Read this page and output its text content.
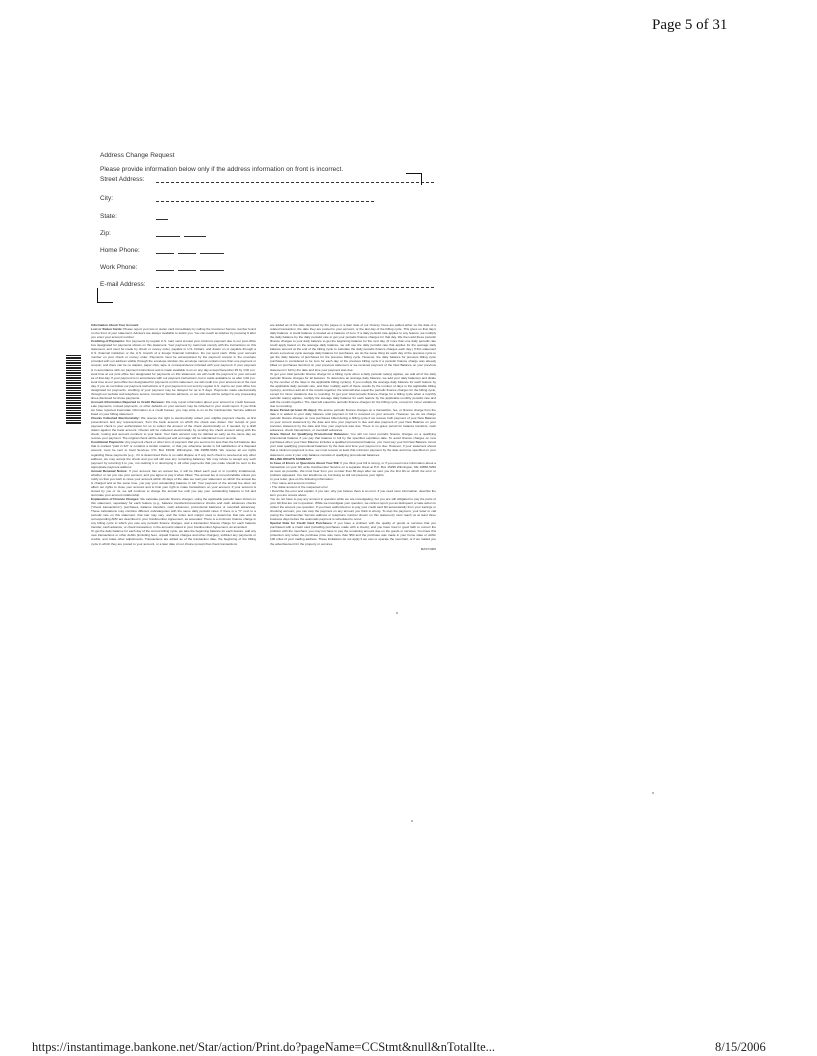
Page 5 of 31
Address Change Request
Please provide information below only if the address information on front is incorrect.
Street Address:
City:
State:
Zip:
Home Phone:
Work Phone:
E-mail Address:

Information About Your Account

Lost or Stolen Cards: Please report your lost or stolen card immediately by calling the Customer Service number found on the front of your statement. Advisors are always available to assist you. You can reach an Advisor by pressing 0 after you enter your account number.

Crediting of Payments: Our payments by regular U.S. mail, send at least your minimum payment due to our post office box designated for payments shown on this statement. Your payment by mail must comply with the instructions on this statement, and must be made by check or money order, payable in U.S. Dollars, and drawn on or payable through a U.S. financial institution or the U.S. branch of a foreign financial institution. Do not send cash. Write your account number on your check or money order. Payments must be accompanied by the payment coupon in the envelope provided with our address visible through the envelope window; the envelope cannot contain more than one payment or coupon; and there can be no staples, paper clips, tape or correspondence included with your payment. If your payment is in accordance with our payment instructions and is made available to us on any day except December 25 by 1:00 p.m. local time at our post office box designated for payments on this statement, we will credit the payment to your account as of that day. If your payment is in accordance with our payment instructions, but is made available to us after 1:00 p.m. local time at our post office box designated for payments on this statement, we will credit it to your account as of the next day. If you do not follow our payment instructions or if your payment is not sent by regular U.S. mail to our post office box designated for payments, crediting of your payment may be delayed for up to 5 days. Payments made electronically through our website and telephone service, Customer Service advisors, or our web site will be subject to any processing times disclosed for those payments.

Account Information Reported to Credit Bureaus: We may report information about your account to credit bureaus. Late payments, missed payments, or other defaults on your account may be reflected in your credit report. If you think we have reported inaccurate information to a credit bureau, you may write to us at the Cardmember Service address listed on your billing statement.

Checks Collected Electronically: We reserve the right to electronically collect your eligible payment checks, at first presentment and any representment, from the bank account on which the check was drawn. Our receipt of your payment check is your authorization for us to collect the amount of the check electronically or, if needed, by a draft drawn against the bank account. Checks will be collected electronically by sending the check amount along with the check, routing and account numbers to your bank. Your bank account may be debited as early as the same day we receive your payment. The original check will be destroyed and an image will be maintained in our records.

Conditional Payments: Any payment check or other form of payment that you send us for less than the full balance due that is marked "paid in full" or contains a similar notation, or that you otherwise tender in full satisfaction of a disputed amount, must be sent to Card Services, P.O. Box 15049, Wilmington, DE 19850-5049. We reserve all our rights regarding these payments (e.g., if it is determined there is no valid dispute or if any such check is received at any other address, we may accept the check and you will still owe any remaining balance). We may refuse to accept any such payment by returning it to you, not cashing it or destroying it. All other payments that you make should be sent to the appropriate payment address.

Annual Renewal Notice: If your account has an annual fee, it will be billed each year or in monthly installments, whether or not you use your account, and you agree to pay it when billed. The annual fee is non-refundable unless you notify us that you wish to close your account within 30 days of the date we mail your statement on which the annual fee is charged and at the same time, you pay your outstanding balance in full. Your payment of the annual fee does not affect our rights to close your account and to limit your right to make transactions on your account. If your account is closed by you or us, we will continue to charge the annual fee until you pay your outstanding balance in full and terminate your account relationship.

Explanation of Finance Charges: We calculate periodic finance charges, using the applicable periodic rates shown on this statement, separately for each feature (e.g., balance transfers/convenience checks and cash advances checks ("check transactions"), purchases, balance transfers, cash advances, promotional balances or overdraft advances). These calculations may combine different subcategories with the same daily periodic rates. If there is a "V" next to a periodic rate on this statement, that rate may vary, and the index and margin used to determine that rate and its corresponding APR are described in your Cardmember Agreement, as amended. There is a minimum finance charge in any billing cycle in which you owe any periodic finance charges, and a transaction finance charge for each balance transfer, cash advance, or check transaction, in the amounts stated in your Cardmember Agreement, as amended.

To get the daily balance for each day of the current billing cycle, we take the beginning balance for each feature, add any new transactions or other debits (including fees, unpaid finance charges and other charges), subtract any payments or credits, and make other adjustments. Transactions are added as of the transaction date, the beginning of the billing cycle in which they are posted to your account, or a later date of our choice (except that check transactions

are added as of the date deposited by the payee or a later date of our choice). Fees are added either on the date of a related transaction, the date they are posted to your account, or the last day of the billing cycle. This gives us that day's daily balance. A credit balance is treated as a balance of zero. If a daily periodic rate applies to any feature, we multiply the daily balance by the daily periodic rate to get your periodic finance charges for that day. We then add these periodic finance charges to your daily balance to get the beginning balance for the next day. (If more than one daily periodic rate could apply based on the average daily balance, we will use the daily periodic rate that applies for the average daily balance amount at the end of the billing cycle to calculate the daily periodic finance charges each day.) If this statement shows a previous cycle average daily balance for purchases, we do the same thing for each day of the previous cycle to get the daily balance of purchases for the previous billing cycle. However, the daily balance for previous billing cycle purchases is considered to be zero for each day of the previous billing cycle if a periodic finance charge was already billed on purchases itemized on your previous statement or we received payment of the New Balance on your previous statement in full by the date and time your payment was due.

To get your total periodic finance charge for a billing cycle when a daily periodic rate(s) applies, we add all of the daily periodic finance charges for all features. To determine an average daily balance, we add your daily balances and divide by the number of the days in the applicable billing cycle(s). If you multiply the average daily balance for each feature by the applicable daily periodic rate, and then multiply each of these results by the number of days in the applicable billing cycle(s), and then add all of the results together, the total will also equal the periodic finance charges for the billing cycle, except for minor variations due to rounding. To get your total periodic finance charge for a billing cycle when a monthly periodic rate(s) applies, multiply the average daily balance for each feature by the applicable monthly periodic rate and add the results together. The total will equal the periodic finance charges for the billing cycle, except for minor variations due to rounding.

Grace Period (at least 20 days): We accrue periodic finance charges on a transaction, fee, or finance charge from the date it is added to your daily balance until payment in full is received on your account. However, we do not charge periodic finance charges on new purchases billed during a billing cycle if we receive both payment of your New Balance on your current statement by the date and time your payment is due and also payment of your New Balance on your previous statement by the date and time your payment was due. There is no grace period for balance transfers, cash advances, check transactions, or overdraft advances.

Grace Period for Qualifying Promotional Balances: You will not incur periodic finance charges on a qualifying promotional balance if you pay that balance in full by the specified expiration date. To avoid finance charges on new purchases when your New Balance includes a qualified promotional balance, you must pay your full New Balance minus your total qualifying promotional balances by the date and time your payment is due. However, if your statement shows that a minimum payment is due, we must receive at least that minimum payment by the date and time specified on your statement, even if your only balance consists of qualifying promotional balances.

BILLING RIGHTS SUMMARY

In Case of Errors or Questions About Your Bill: If you think your bill is wrong, or if you need more information about a transaction on your bill, write Cardmember Service on a separate sheet at P.O. Box 15299 Wilmington, DE 19850-5299 as soon as possible. We must hear from you no later than 60 days after we sent you the first bill on which the error or problem appeared. You can telephone us, but doing so will not preserve your rights.

In your letter, give us the following information:

• Your name and account number

• The dollar amount of the suspected error

• Describe the error and explain, if you can, why you believe there is an error. If you need more information, describe the item you are unsure about.

You do not have to pay any amount in question while we are investigating, but you are still obligated to pay the parts of your bill that are not in question. While we investigate your question, we cannot report you as delinquent or take action to collect the amount you question. If you have authorized us to pay your credit card bill automatically from your savings or checking account, you can stop the payment on any amount you think is wrong. To stop the payment, your letter or call (using the Cardmember Service address or telephone number shown on this statement) must reach us at least three business days before the automatic payment is scheduled to occur.

Special Rule for Credit Card Purchases: If you have a problem with the quality of goods or services that you purchased with a credit card (including purchases made with a check), and you have tried in good faith to correct the problem with the merchant, you may not have to pay the remaining amount due on the goods or services. You have this protection only when the purchase price was more than $50 and the purchase was made in your home state or within 100 miles of your mailing address. These limitations do not apply if we own or operate the merchant, or if we mailed you the advertisement for the property or services.

MAS71005

https://instantimage.bankone.net/Star/action/Print.do?pageName=CCStmt&null&nTotalIte...	8/15/2006
